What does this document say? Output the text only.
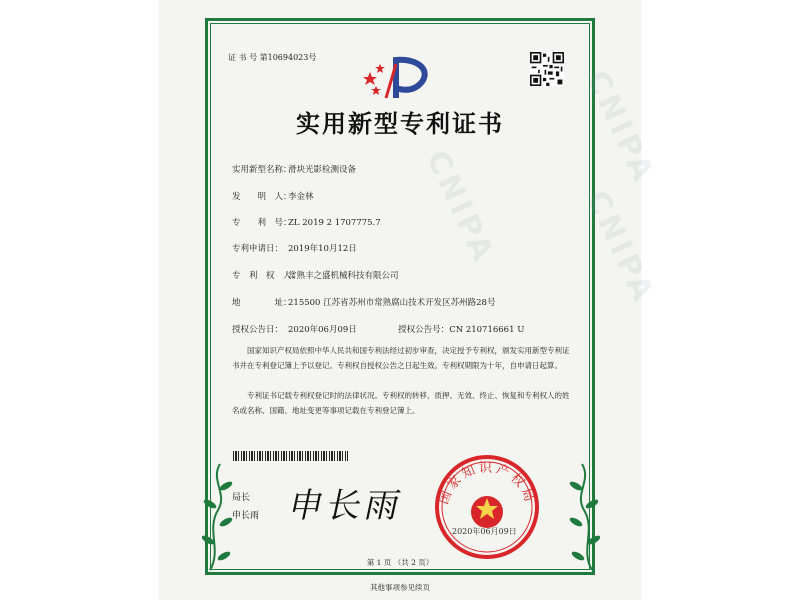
CNIPA
CNIPA
CNIPA
证 书 号 第10694023号
实用新型专利证书
实用新型名称：滑块光影检测设备
发　　明　人：李金林
专　　利　号：ZL 2019 2 1707775.7
专利申请日： 2019年10月12日
专　利　权　人：常熟丰之盛机械科技有限公司
地　　　　址：215500 江苏省苏州市常熟腐山技术开发区苏州路28号
授权公告日： 2020年06月09日	授权公告号：CN 210716661 U
国家知识产权局依照中华人民共和国专利法经过初步审查，决定授予专利权，颁发实用新型专利证书并在专利登记簿上予以登记。专利权自授权公告之日起生效。专利权期限为十年，自申请日起算。
专利证书记载专利权登记时的法律状况。专利权的转移、质押、无效、终止、恢复和专利权人的姓名或名称、国籍、地址变更等事项记载在专利登记簿上。
局长
申长雨 申长雨 国家知识产权局
2020年06月09日
第 1 页 （共 2 页）
其他事项参见续页
